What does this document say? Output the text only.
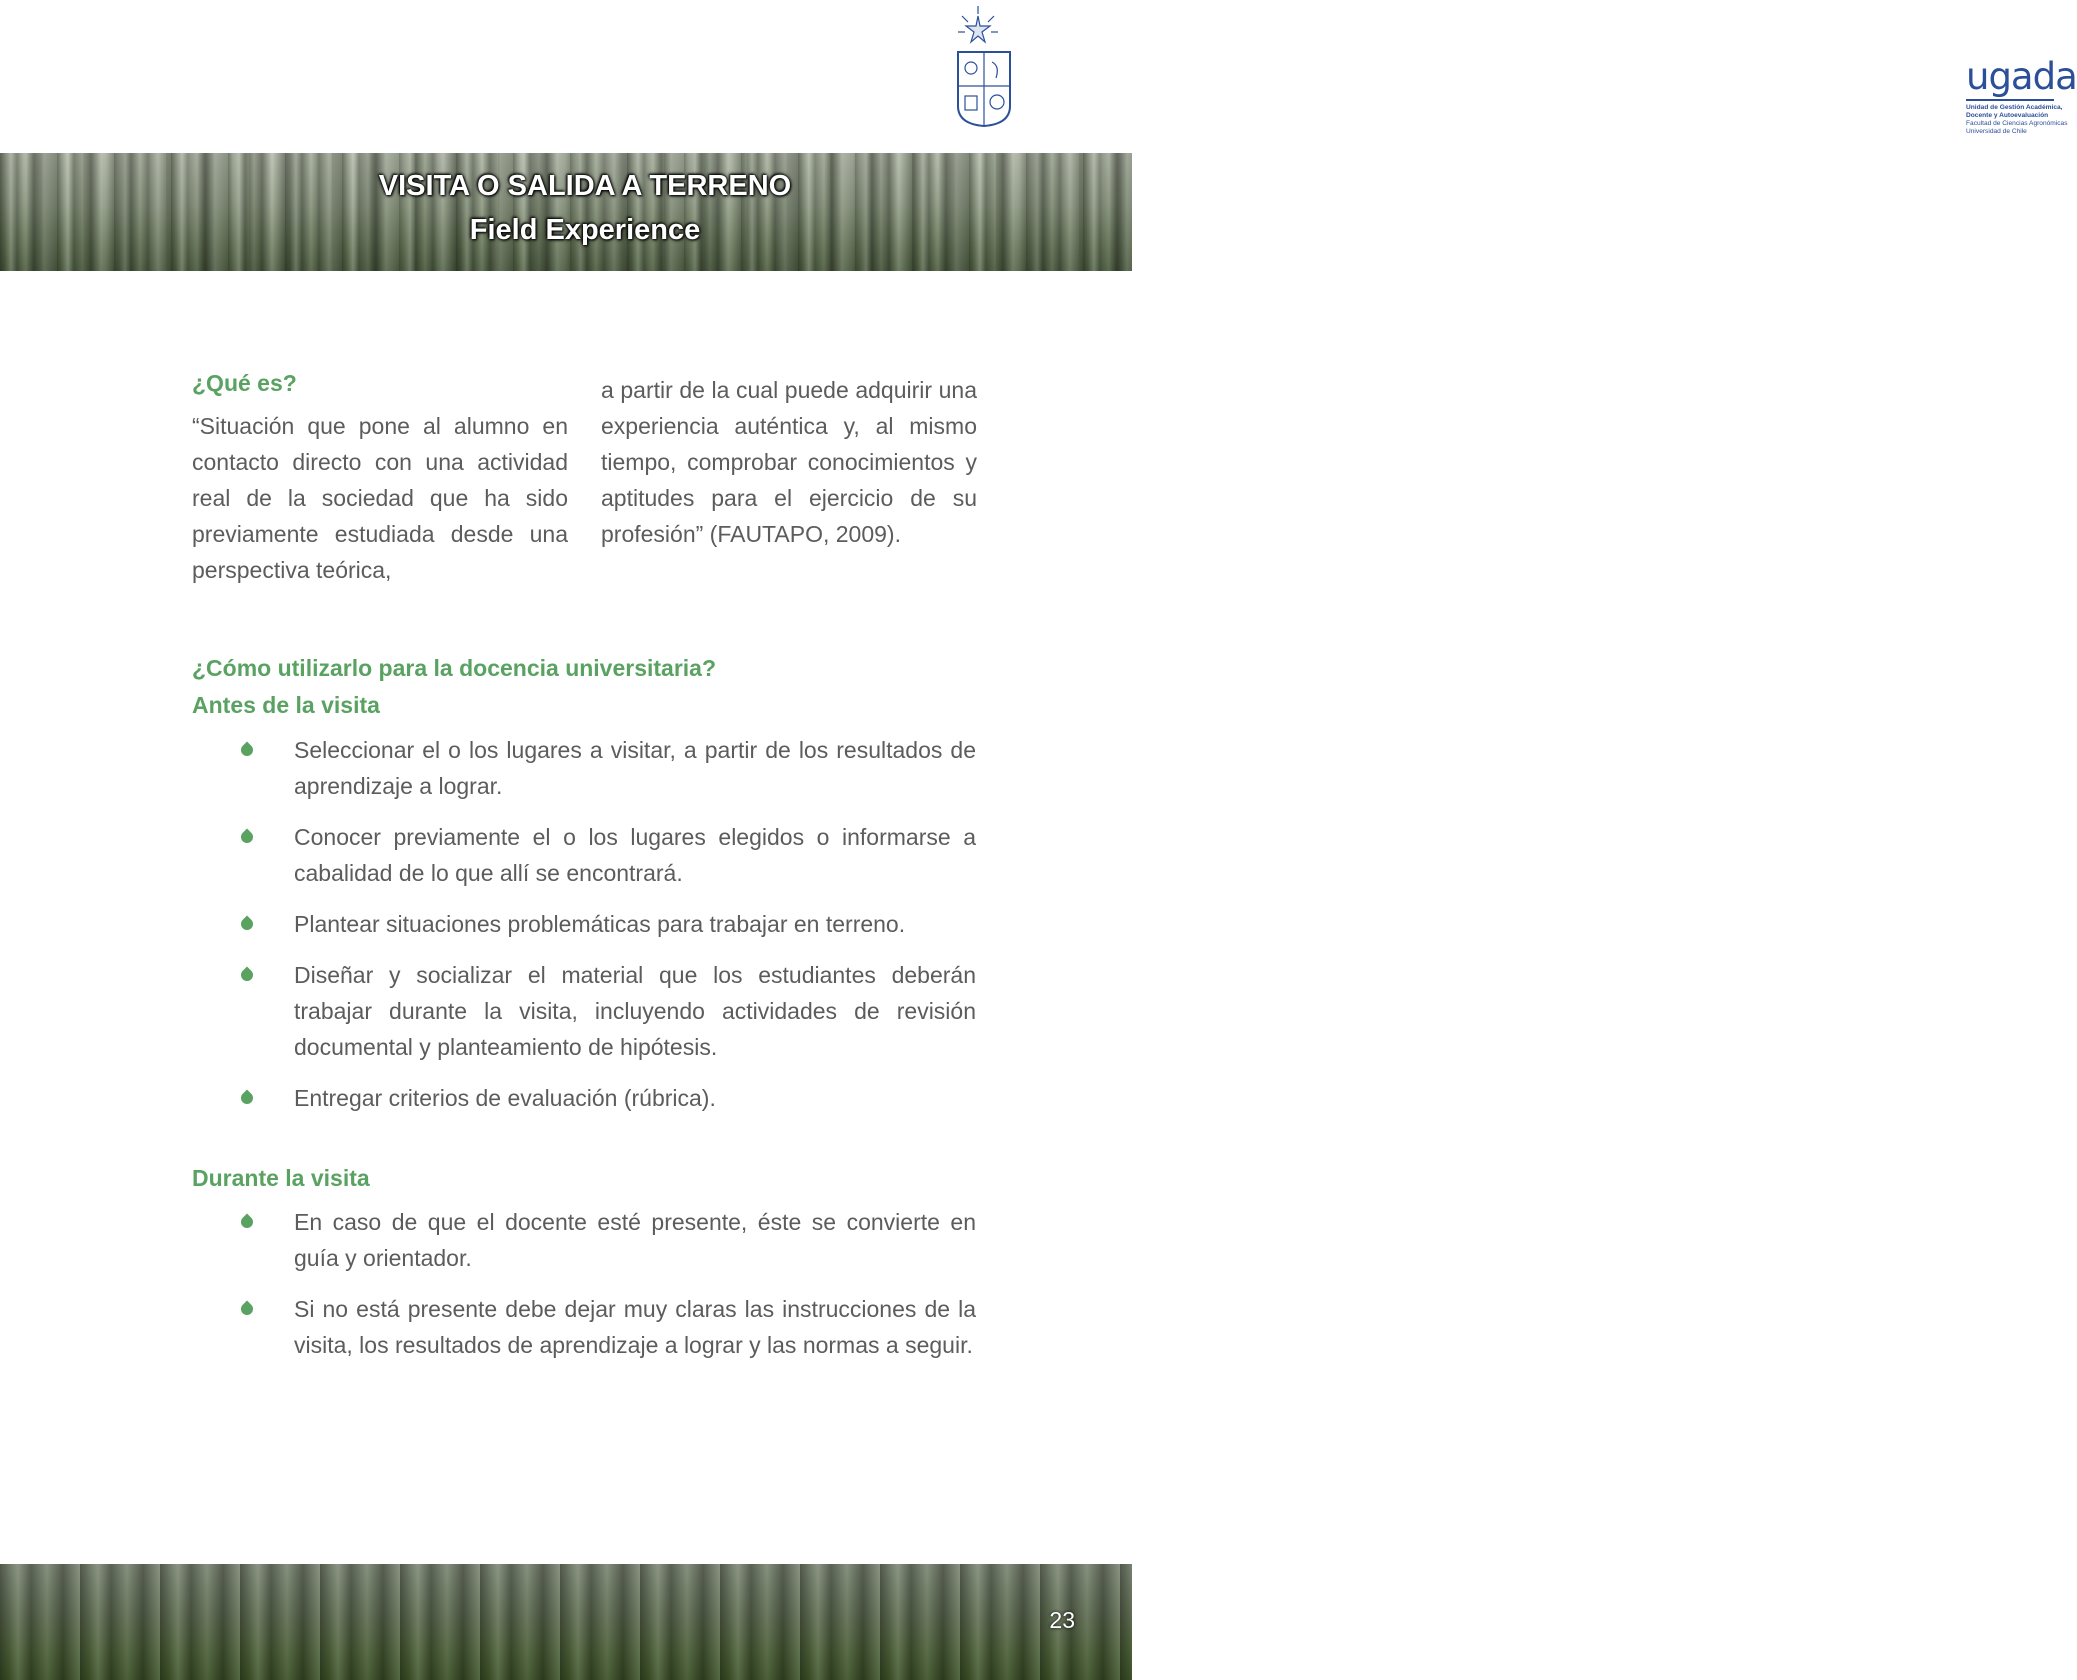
ugada
Unidad de Gestión Académica,
Docente y Autoevaluación
Facultad de Ciencias Agronómicas
Universidad de Chile
VISITA O SALIDA A TERRENO
Field Experience
¿Qué es?

“Situación que pone al alumno en contacto directo con una actividad real de la sociedad que ha sido previamente estudiada desde una perspectiva teórica,

a partir de la cual puede adquirir una experiencia auténtica y, al mismo tiempo, comprobar conocimientos y aptitudes para el ejercicio de su profesión” (FAUTAPO, 2009).

¿Cómo utilizarlo para la docencia universitaria?
Antes de la visita
Seleccionar el o los lugares a visitar, a partir de los resultados de aprendizaje a lograr.
Conocer previamente el o los lugares elegidos o informarse a cabalidad de lo que allí se encontrará.
Plantear situaciones problemáticas para trabajar en terreno.
Diseñar y socializar el material que los estudiantes deberán trabajar durante la visita, incluyendo actividades de revisión documental y planteamiento de hipótesis.
Entregar criterios de evaluación (rúbrica).
Durante la visita
En caso de que el docente esté presente, éste se convierte en guía y orientador.
Si no está presente debe dejar muy claras las instrucciones de la visita, los resultados de aprendizaje a lograr y las normas a seguir.
23
